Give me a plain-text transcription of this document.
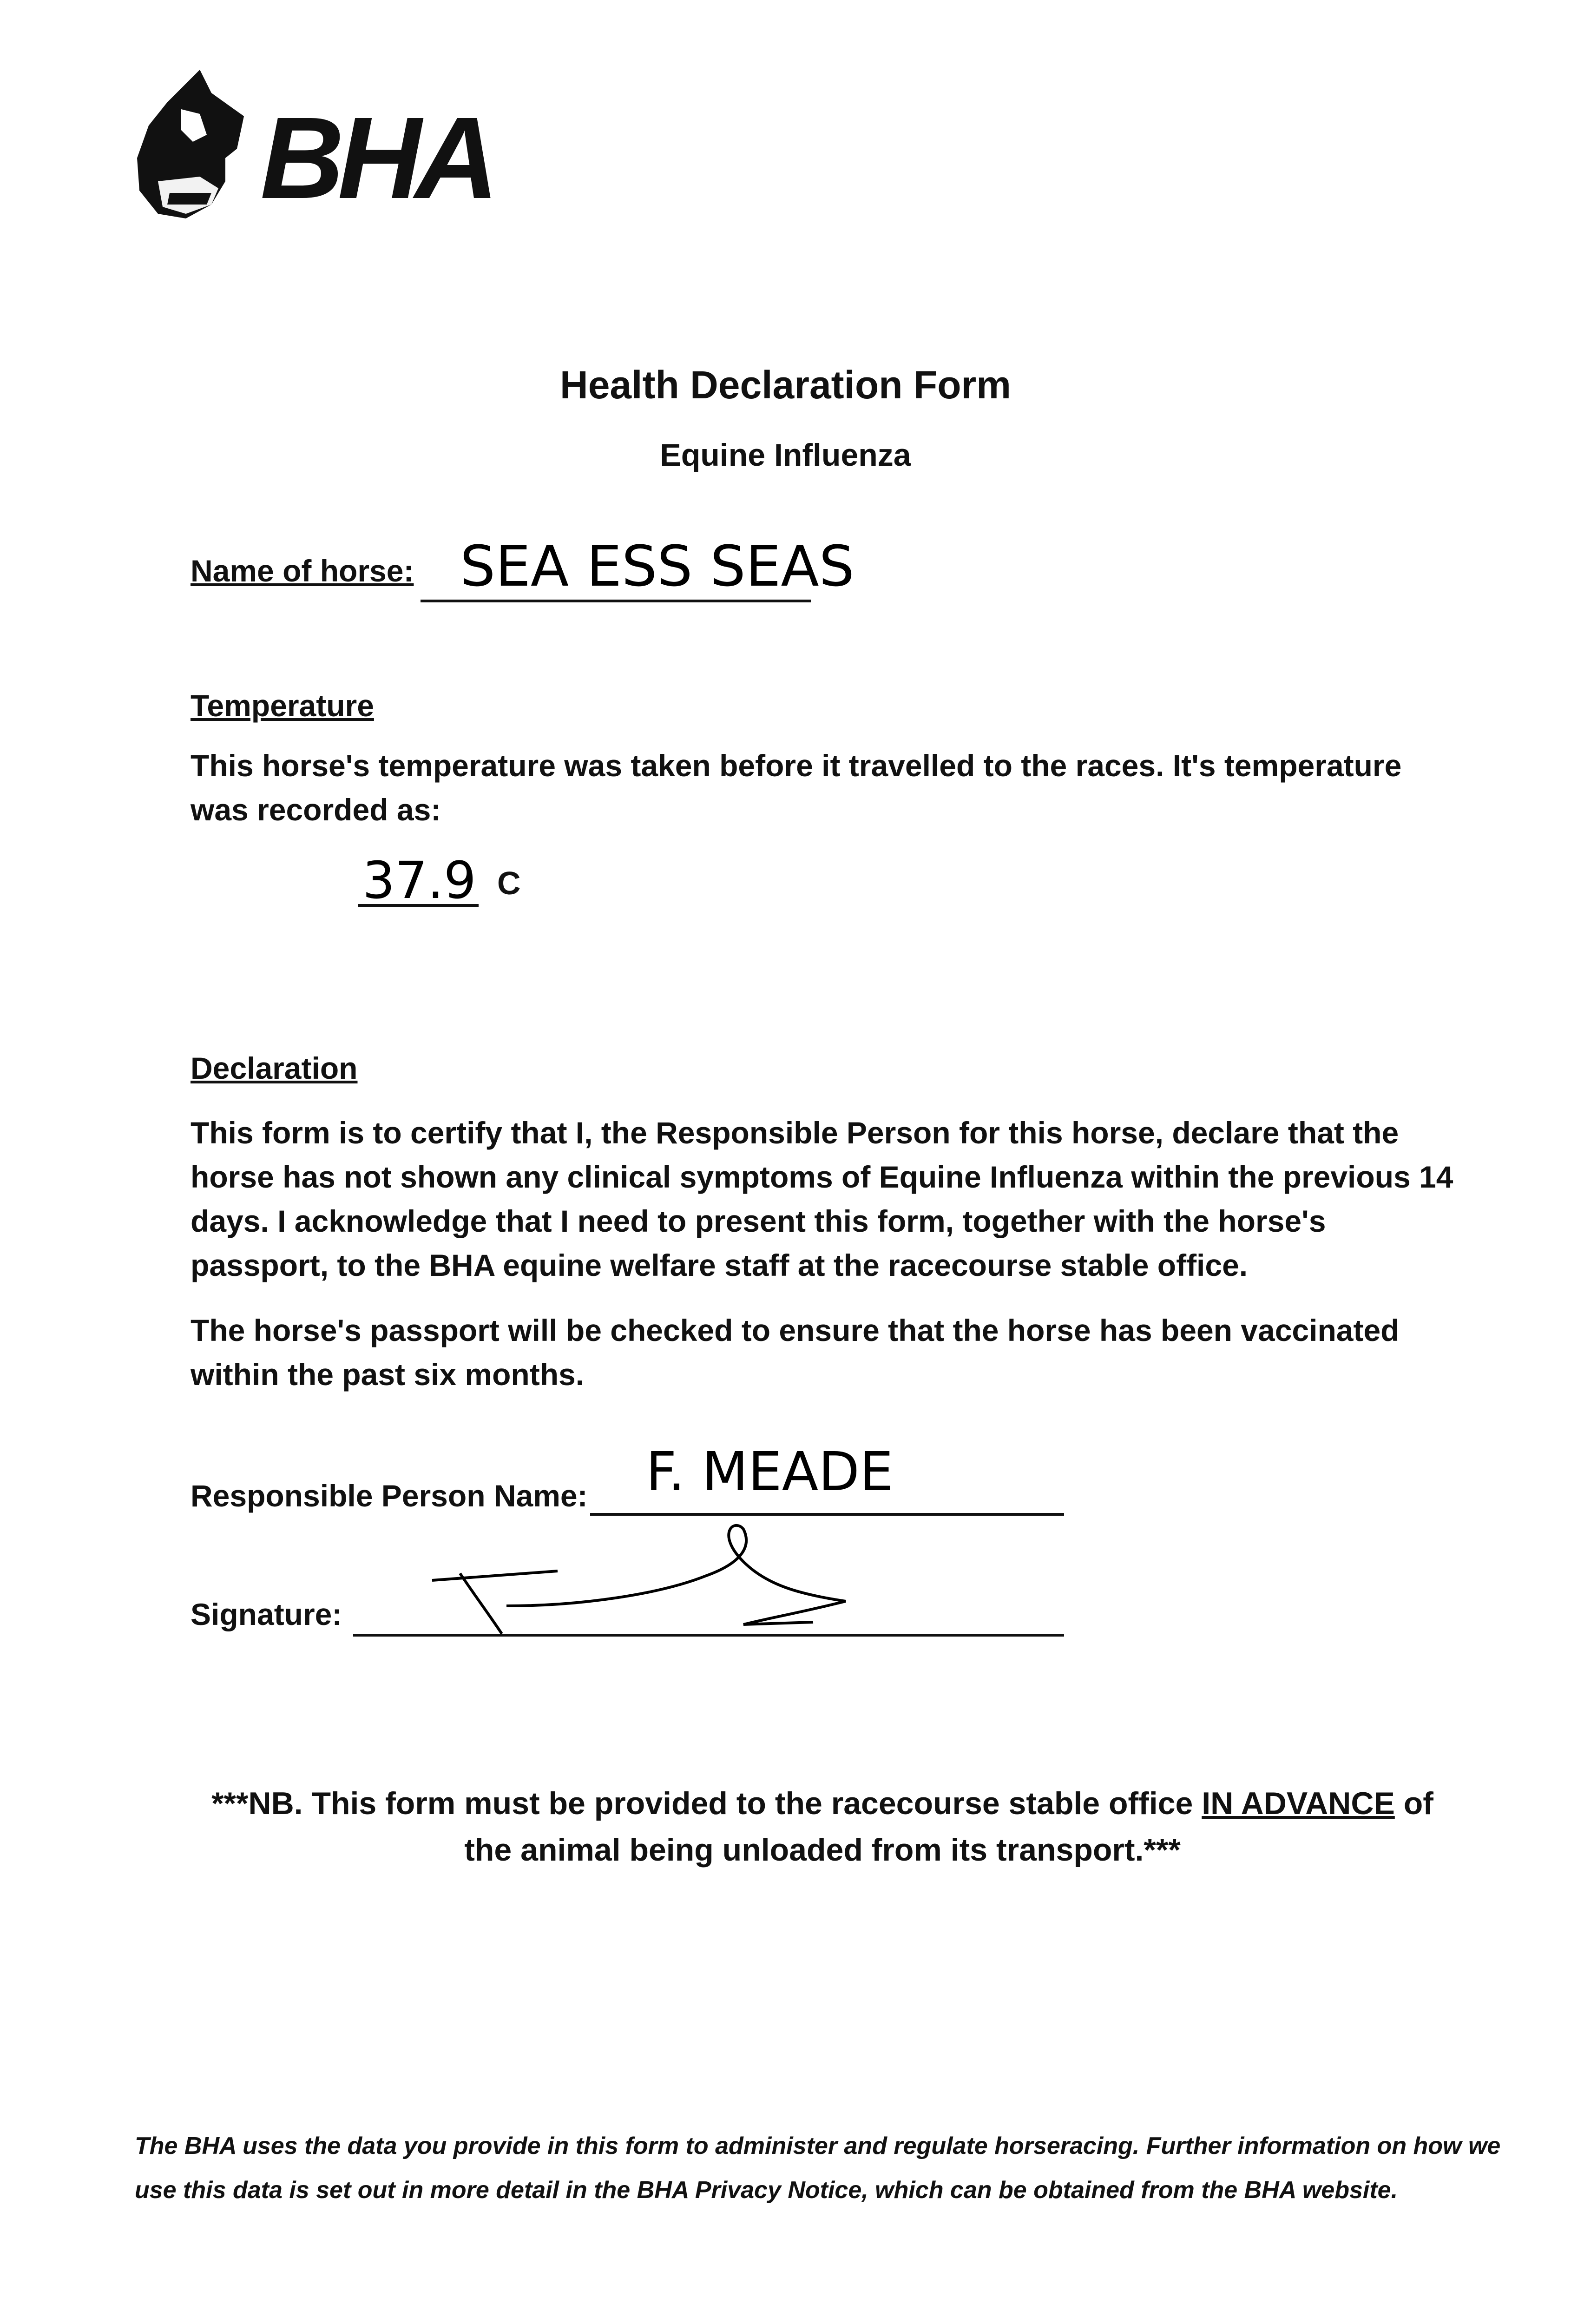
BHA
Health Declaration Form
Equine Influenza
Name of horse: SEA ESS SEAS
Temperature
This horse's temperature was taken before it travelled to the races. It's temperature was recorded as:
37.9 C
Declaration
This form is to certify that I, the Responsible Person for this horse, declare that the horse has not shown any clinical symptoms of Equine Influenza within the previous 14 days. I acknowledge that I need to present this form, together with the horse's passport, to the BHA equine welfare staff at the racecourse stable office.
The horse's passport will be checked to ensure that the horse has been vaccinated within the past six months.
Responsible Person Name: F. MEADE
Signature:
***NB. This form must be provided to the racecourse stable office IN ADVANCE of the animal being unloaded from its transport.***
The BHA uses the data you provide in this form to administer and regulate horseracing. Further information on how we use this data is set out in more detail in the BHA Privacy Notice, which can be obtained from the BHA website.
